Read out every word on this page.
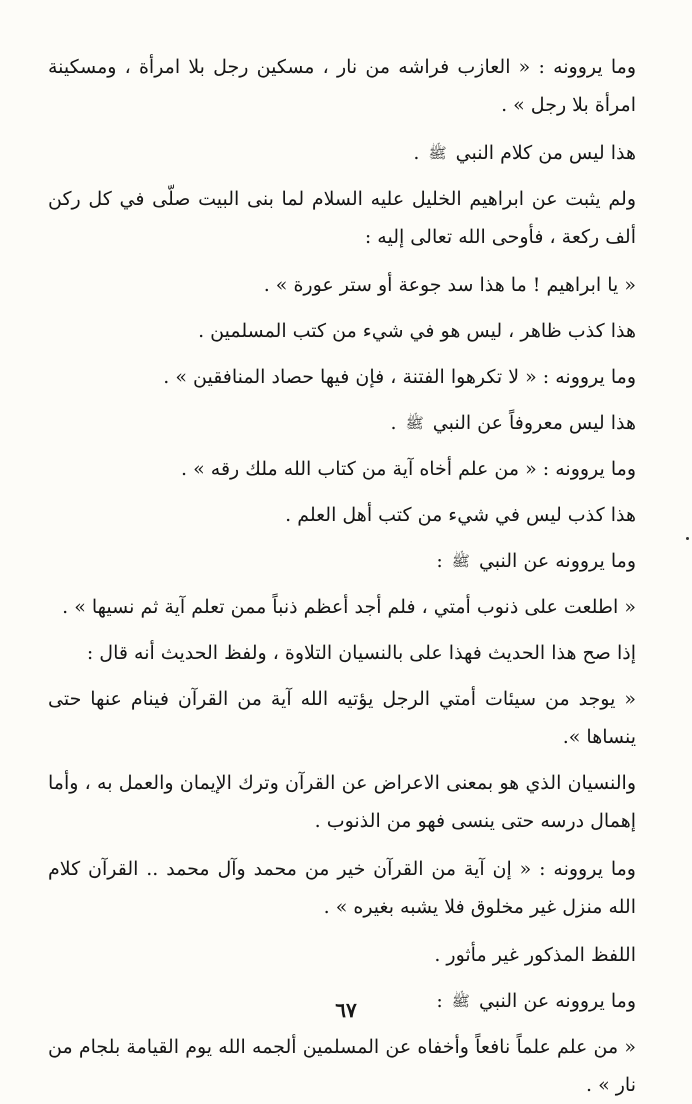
وما يروونه : « العازب فراشه من نار ، مسكين رجل بلا امرأة ، ومسكينة امرأة بلا رجل » .

هذا ليس من كلام النبي ﷺ .

ولم يثبت عن ابراهيم الخليل عليه السلام لما بنى البيت صلّى في كل ركن ألف ركعة ، فأوحى الله تعالى إليه :

« يا ابراهيم ! ما هذا سد جوعة أو ستر عورة » .

هذا كذب ظاهر ، ليس هو في شيء من كتب المسلمين .

وما يروونه : « لا تكرهوا الفتنة ، فإن فيها حصاد المنافقين » .

هذا ليس معروفاً عن النبي ﷺ .

وما يروونه : « من علم أخاه آية من كتاب الله ملك رقه » .

هذا كذب ليس في شيء من كتب أهل العلم .

وما يروونه عن النبي ﷺ :

« اطلعت على ذنوب أمتي ، فلم أجد أعظم ذنباً ممن تعلم آية ثم نسيها » .

إذا صح هذا الحديث فهذا على بالنسيان التلاوة ، ولفظ الحديث أنه قال :

« يوجد من سيئات أمتي الرجل يؤتيه الله آية من القرآن فينام عنها حتى ينساها ».

والنسيان الذي هو بمعنى الاعراض عن القرآن وترك الإيمان والعمل به ، وأما إهمال درسه حتى ينسى فهو من الذنوب .

وما يروونه : « إن آية من القرآن خير من محمد وآل محمد .. القرآن كلام الله منزل غير مخلوق فلا يشبه بغيره » .

اللفظ المذكور غير مأثور .

وما يروونه عن النبي ﷺ :

« من علم علماً نافعاً وأخفاه عن المسلمين ألجمه الله يوم القيامة بلجام من نار » .

٦٧
